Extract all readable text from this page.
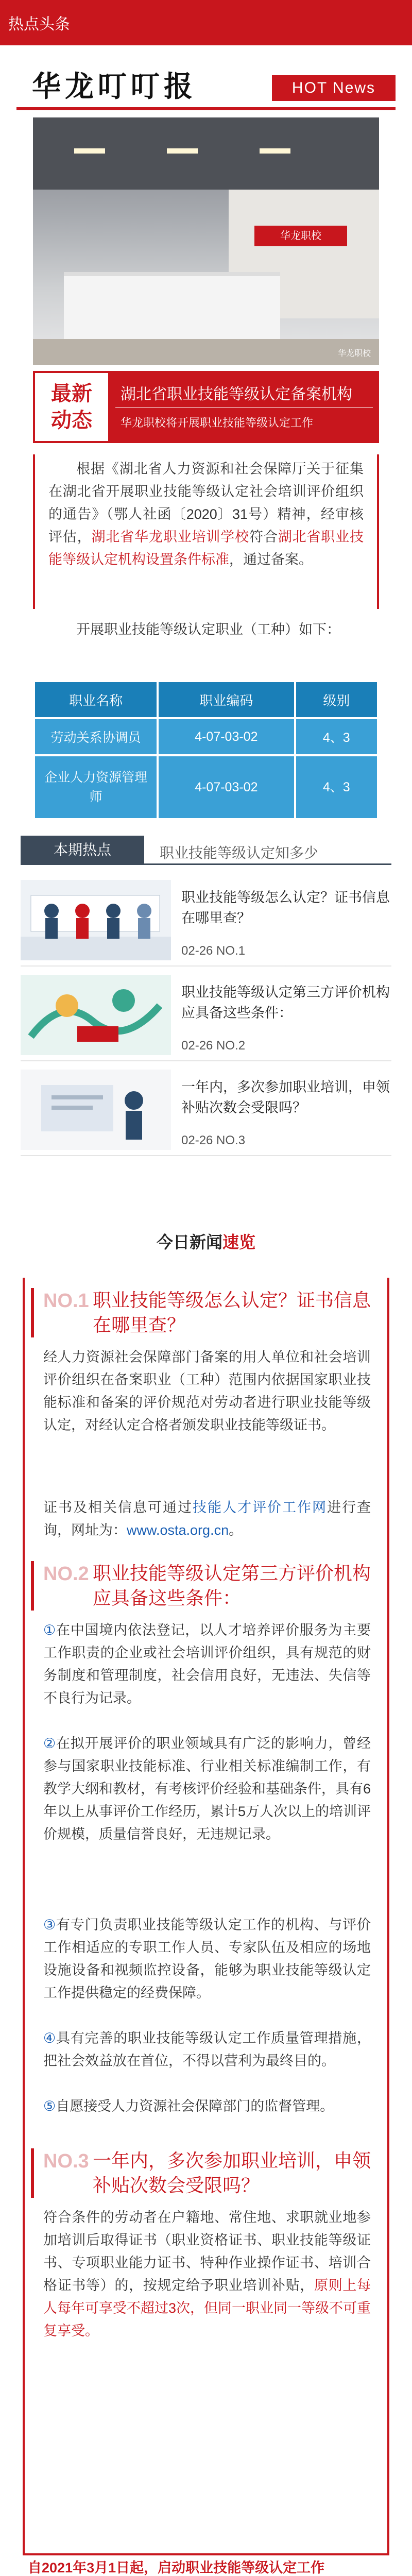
热点头条
华龙叮叮报	HOT News
华龙职校
华龙职校
最新
动态
湖北省职业技能等级认定备案机构
华龙职校将开展职业技能等级认定工作

根据《湖北省人力资源和社会保障厅关于征集在湖北省开展职业技能等级认定社会培训评价组织的通告》（鄂人社函〔2020〕31号）精神，经审核评估，湖北省华龙职业培训学校符合湖北省职业技能等级认定机构设置条件标准，通过备案。

开展职业技能等级认定职业（工种）如下：

职业名称	职业编码	级别
劳动关系协调员	4-07-03-02	4、3
企业人力资源管理师	4-07-03-02	4、3
本期热点	职业技能等级认定知多少
职业技能等级怎么认定？证书信息在哪里查？
02-26 NO.1
职业技能等级认定第三方评价机构应具备这些条件：
02-26 NO.2
一年内，多次参加职业培训，申领补贴次数会受限吗？
02-26 NO.3
今日新闻速览
NO.1 职业技能等级怎么认定？证书信息在哪里查？

经人力资源社会保障部门备案的用人单位和社会培训评价组织在备案职业（工种）范围内依据国家职业技能标准和备案的评价规范对劳动者进行职业技能等级认定，对经认定合格者颁发职业技能等级证书。

证书及相关信息可通过技能人才评价工作网进行查询，网址为：www.osta.org.cn。

NO.2 职业技能等级认定第三方评价机构应具备这些条件：

①在中国境内依法登记，以人才培养评价服务为主要工作职责的企业或社会培训评价组织，具有规范的财务制度和管理制度，社会信用良好，无违法、失信等不良行为记录。

②在拟开展评价的职业领域具有广泛的影响力，曾经参与国家职业技能标准、行业相关标准编制工作，有教学大纲和教材，有考核评价经验和基础条件，具有6年以上从事评价工作经历，累计5万人次以上的培训评价规模，质量信誉良好，无违规记录。

③有专门负责职业技能等级认定工作的机构、与评价工作相适应的专职工作人员、专家队伍及相应的场地设施设备和视频监控设备，能够为职业技能等级认定工作提供稳定的经费保障。

④具有完善的职业技能等级认定工作质量管理措施，把社会效益放在首位，不得以营利为最终目的。

⑤自愿接受人力资源社会保障部门的监督管理。

NO.3 一年内，多次参加职业培训，申领补贴次数会受限吗？

符合条件的劳动者在户籍地、常住地、求职就业地参加培训后取得证书（职业资格证书、职业技能等级证书、专项职业能力证书、特种作业操作证书、培训合格证书等）的，按规定给予职业培训补贴，原则上每人每年可享受不超过3次，但同一职业同一等级不可重复享受。

自2021年3月1日起，启动职业技能等级认定工作
